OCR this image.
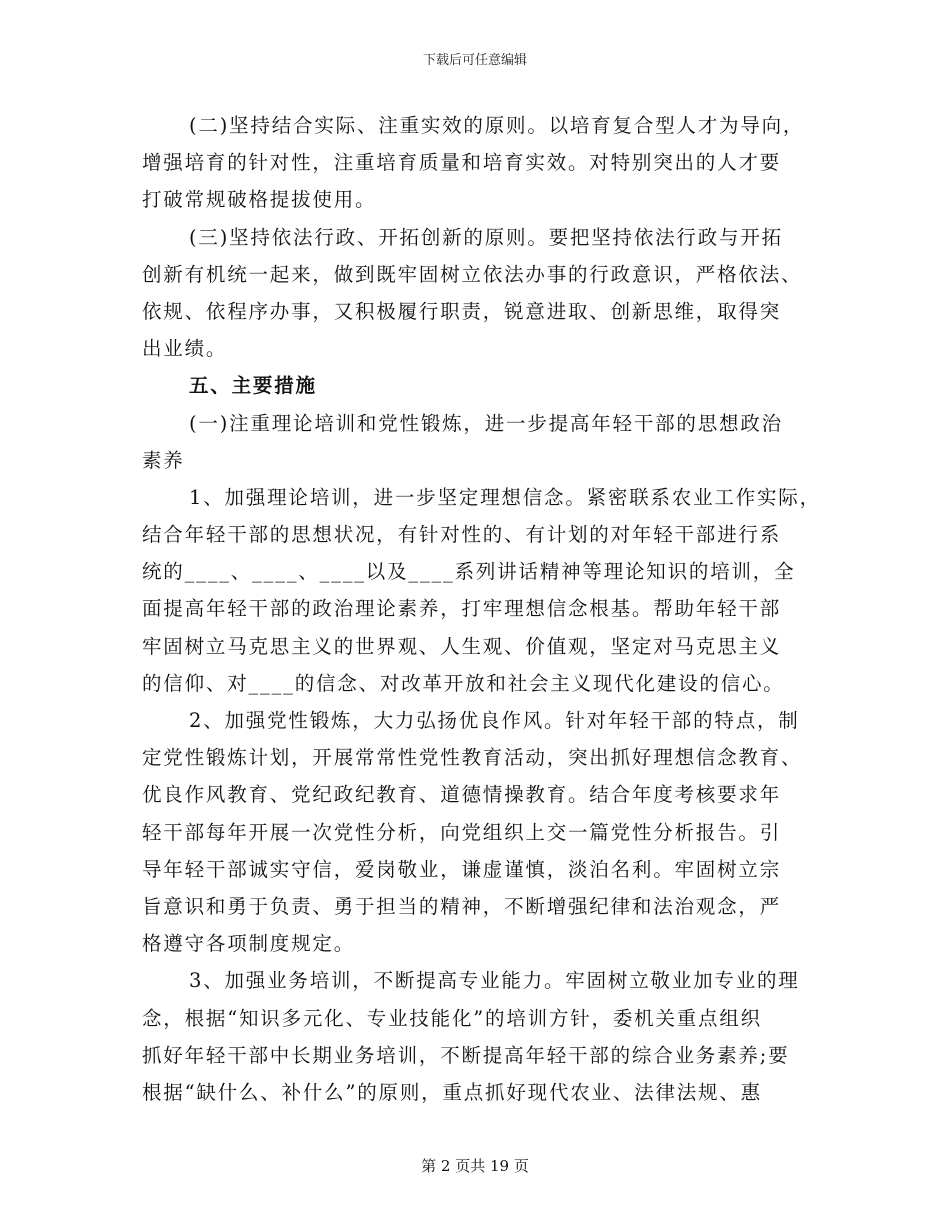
下载后可任意编辑

(二)坚持结合实际、注重实效的原则。以培育复合型人才为导向，

增强培育的针对性，注重培育质量和培育实效。对特别突出的人才要

打破常规破格提拔使用。

(三)坚持依法行政、开拓创新的原则。要把坚持依法行政与开拓

创新有机统一起来，做到既牢固树立依法办事的行政意识，严格依法、

依规、依程序办事，又积极履行职责，锐意进取、创新思维，取得突

出业绩。

五、主要措施

(一)注重理论培训和党性锻炼，进一步提高年轻干部的思想政治

素养

1、加强理论培训，进一步坚定理想信念。紧密联系农业工作实际，

结合年轻干部的思想状况，有针对性的、有计划的对年轻干部进行系

统的____、____、____以及____系列讲话精神等理论知识的培训，全

面提高年轻干部的政治理论素养，打牢理想信念根基。帮助年轻干部

牢固树立马克思主义的世界观、人生观、价值观，坚定对马克思主义

的信仰、对____的信念、对改革开放和社会主义现代化建设的信心。

2、加强党性锻炼，大力弘扬优良作风。针对年轻干部的特点，制

定党性锻炼计划，开展常常性党性教育活动，突出抓好理想信念教育、

优良作风教育、党纪政纪教育、道德情操教育。结合年度考核要求年

轻干部每年开展一次党性分析，向党组织上交一篇党性分析报告。引

导年轻干部诚实守信，爱岗敬业，谦虚谨慎，淡泊名利。牢固树立宗

旨意识和勇于负责、勇于担当的精神，不断增强纪律和法治观念，严

格遵守各项制度规定。

3、加强业务培训，不断提高专业能力。牢固树立敬业加专业的理

念，根据“知识多元化、专业技能化”的培训方针，委机关重点组织

抓好年轻干部中长期业务培训，不断提高年轻干部的综合业务素养;要

根据“缺什么、补什么”的原则，重点抓好现代农业、法律法规、惠

第 2 页共 19 页
